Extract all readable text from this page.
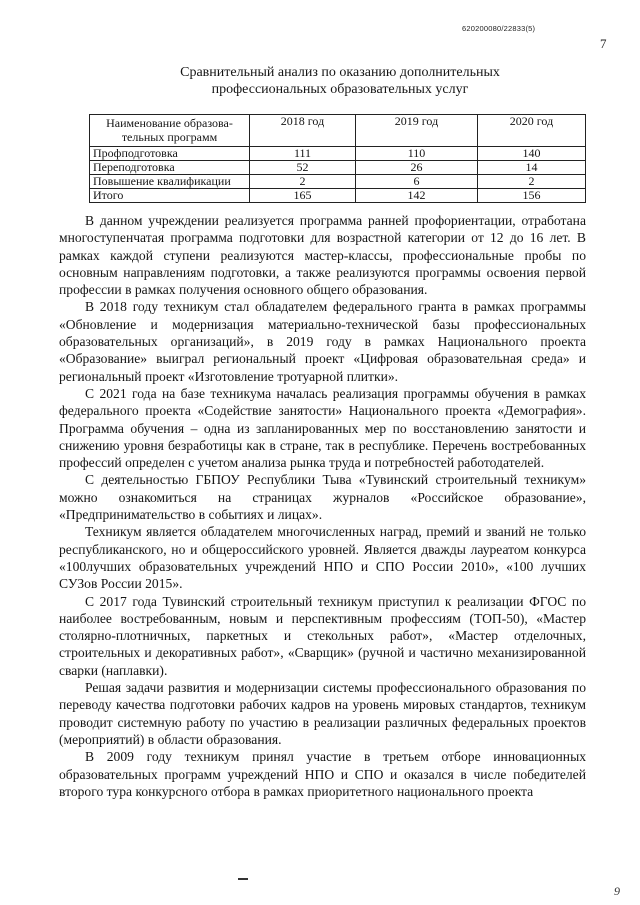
620200080/22833(5)
7
Сравнительный анализ по оказанию дополнительных
профессиональных образовательных услуг
Наименование образова-
тельных программ	2018 год	2019 год	2020 год
Профподготовка	111	110	140
Переподготовка	52	26	14
Повышение квалификации	2	6	2
Итого	165	142	156

В данном учреждении реализуется программа ранней профориентации, отработана многоступенчатая программа подготовки для возрастной категории от 12 до 16 лет. В рамках каждой ступени реализуются мастер-классы, профессиональные пробы по основным направлениям подготовки, а также реализуются программы освоения первой профессии в рамках получения основного общего образования.

В 2018 году техникум стал обладателем федерального гранта в рамках программы «Обновление и модернизация материально-технической базы профессиональных образовательных организаций», в 2019 году в рамках Национального проекта «Образование» выиграл региональный проект «Цифровая образовательная среда» и региональный проект «Изготовление тротуарной плитки».

С 2021 года на базе техникума началась реализация программы обучения в рамках федерального проекта «Содействие занятости» Национального проекта «Демография». Программа обучения – одна из запланированных мер по восстановлению занятости и снижению уровня безработицы как в стране, так в республике. Перечень востребованных профессий определен с учетом анализа рынка труда и потребностей работодателей.

С деятельностью ГБПОУ Республики Тыва «Тувинский строительный техникум» можно ознакомиться на страницах журналов «Российское образование», «Предпринимательство в событиях и лицах».

Техникум является обладателем многочисленных наград, премий и званий не только республиканского, но и общероссийского уровней. Является дважды лауреатом конкурса «100лучших образовательных учреждений НПО и СПО России 2010», «100 лучших СУЗов России 2015».

С 2017 года Тувинский строительный техникум приступил к реализации ФГОС по наиболее востребованным, новым и перспективным профессиям (ТОП-50), «Мастер столярно-плотничных, паркетных и стекольных работ», «Мастер отделочных, строительных и декоративных работ», «Сварщик» (ручной и частично механизированной сварки (наплавки).

Решая задачи развития и модернизации системы профессионального образования по переводу качества подготовки рабочих кадров на уровень мировых стандартов, техникум проводит системную работу по участию в реализации различных федеральных проектов (мероприятий) в области образования.

В 2009 году техникум принял участие в третьем отборе инновационных образовательных программ учреждений НПО и СПО и оказался в числе победителей второго тура конкурсного отбора в рамках приоритетного национального проекта

9
